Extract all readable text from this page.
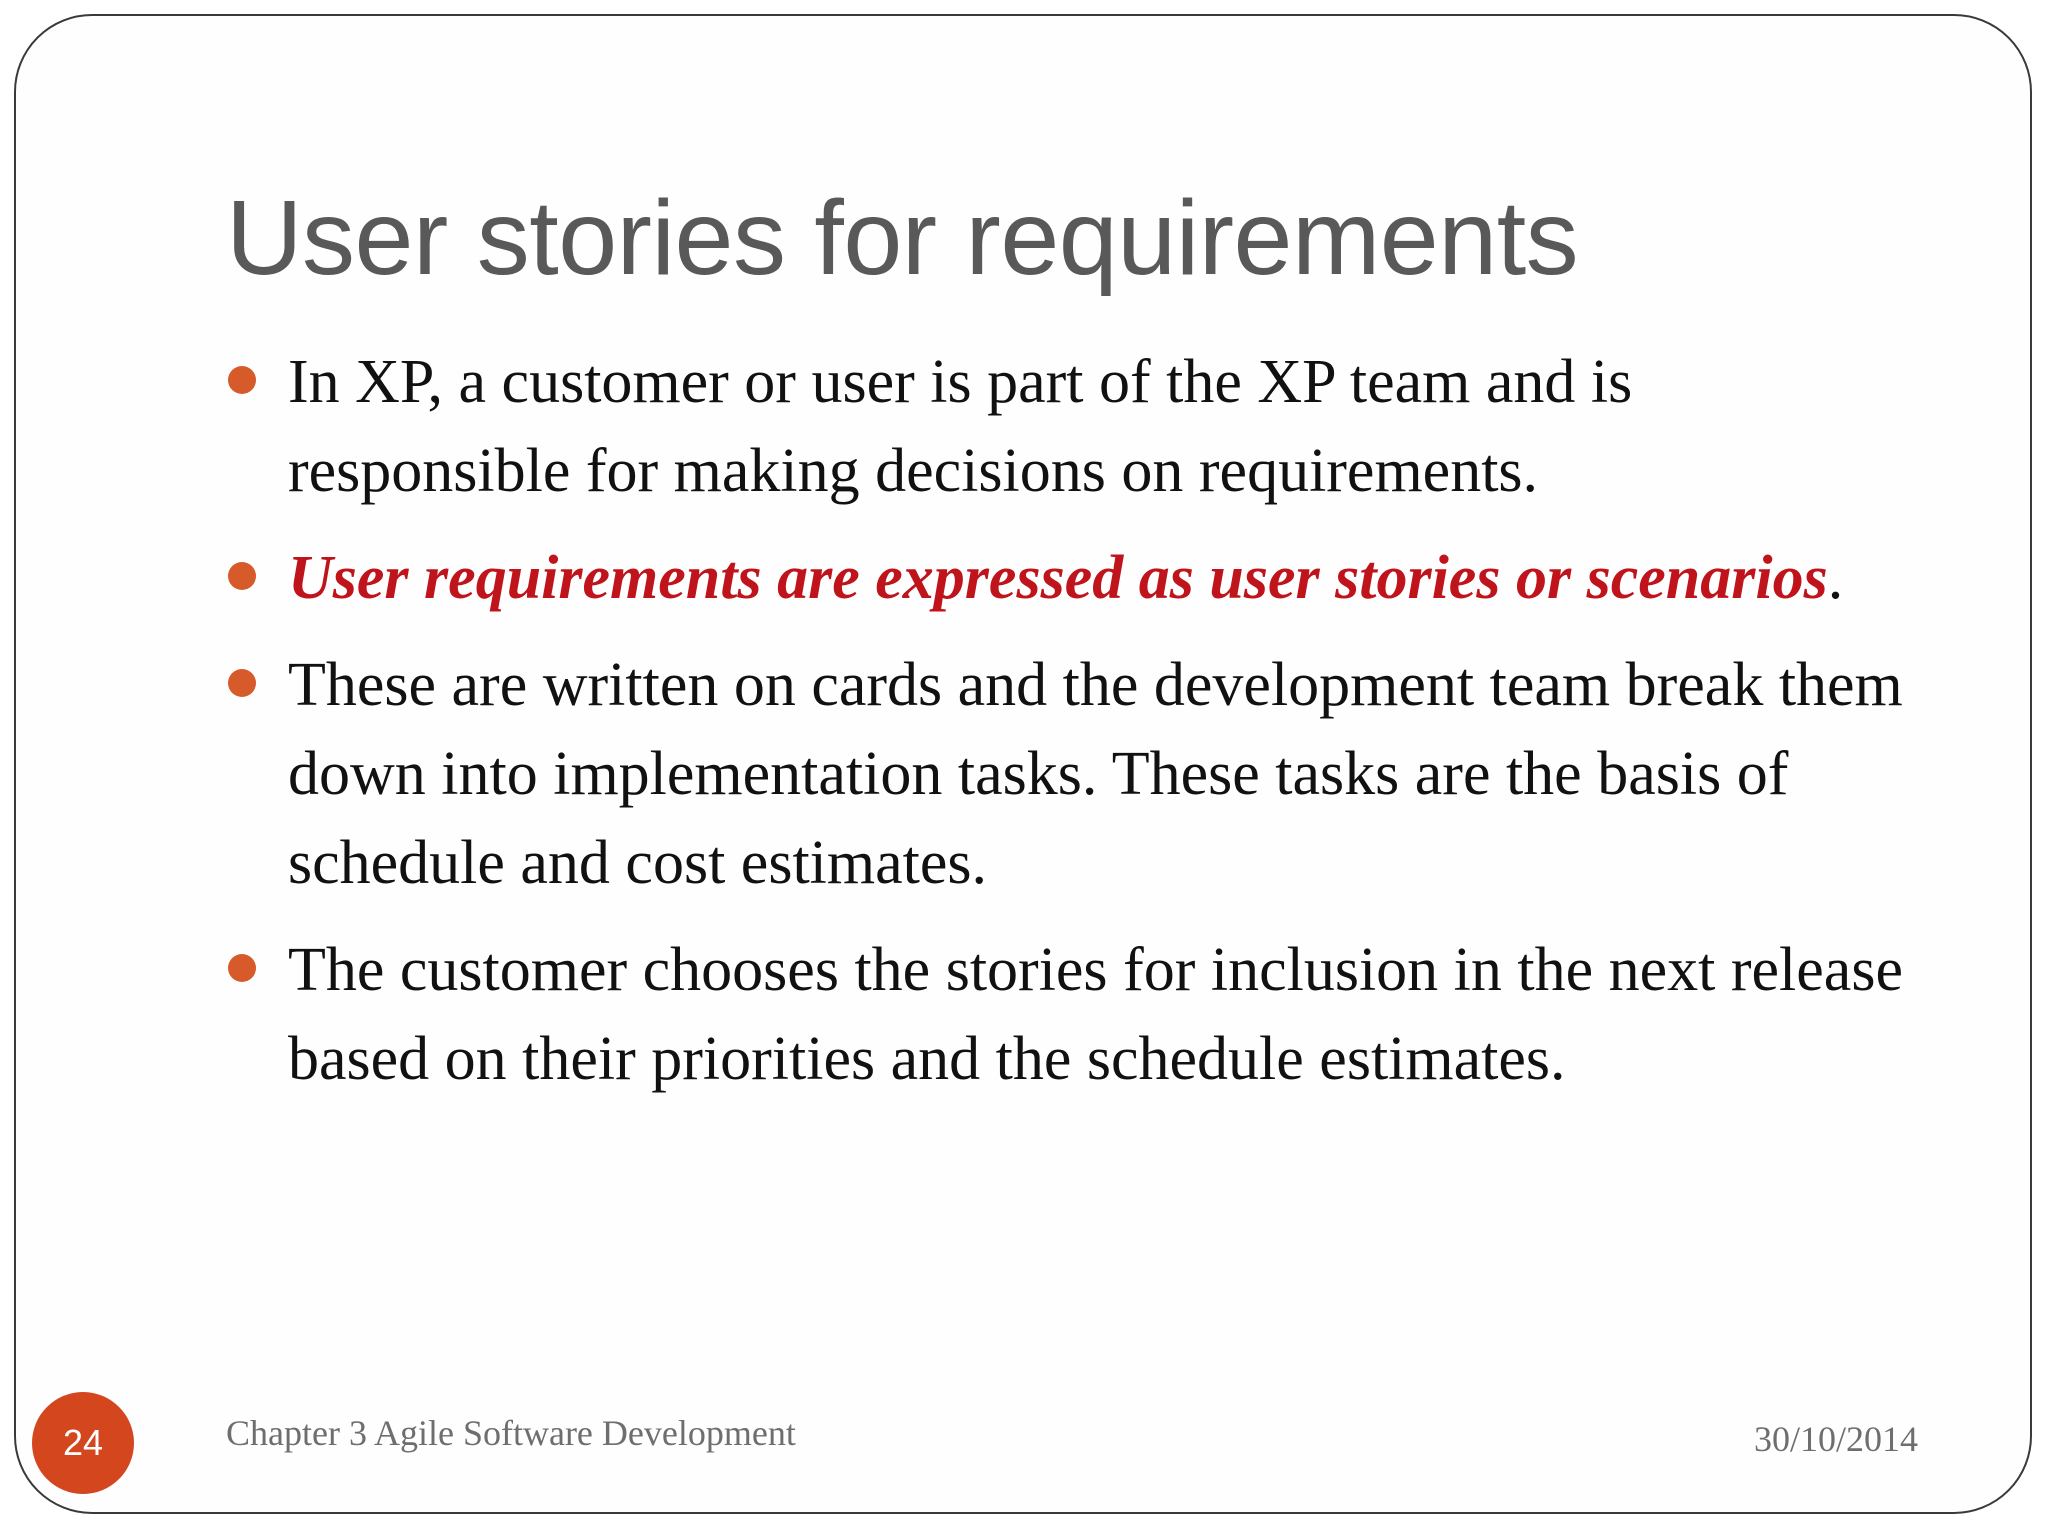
User stories for requirements
In XP, a customer or user is part of the XP team and is responsible for making decisions on requirements.
User requirements are expressed as user stories or scenarios.
These are written on cards and the development team break them down into implementation tasks. These tasks are the basis of schedule and cost estimates.
The customer chooses the stories for inclusion in the next release based on their priorities and the schedule estimates.
24	Chapter 3 Agile Software Development	30/10/2014
